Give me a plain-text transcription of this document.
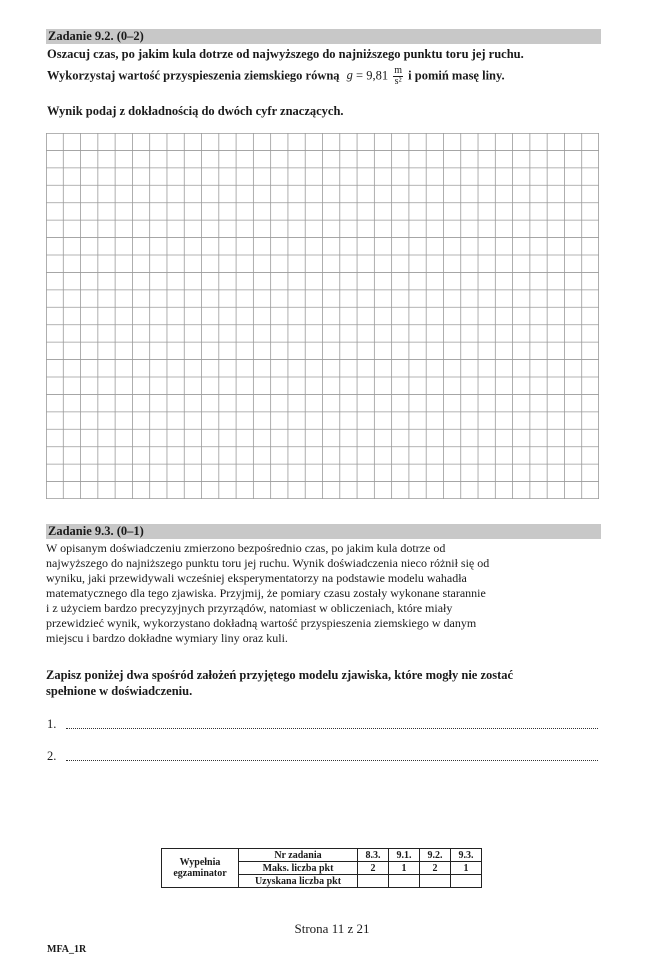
Zadanie 9.2. (0–2)
Oszacuj czas, po jakim kula dotrze od najwyższego do najniższego punktu toru jej ruchu.
Wykorzystaj wartość przyspieszenia ziemskiego równą $g = 9,81 \frac{m}{\text{s²}}$ i pomiń masę liny.
Wynik podaj z dokładnością do dwóch cyfr znaczących.
Zadanie 9.3. (0–1)
W opisanym doświadczeniu zmierzono bezpośrednio czas, po jakim kula dotrze od
najwyższego do najniższego punktu toru jej ruchu. Wynik doświadczenia nieco różnił się od
wyniku, jaki przewidywali wcześniej eksperymentatorzy na podstawie modelu wahadła
matematycznego dla tego zjawiska. Przyjmij, że pomiary czasu zostały wykonane starannie
i z użyciem bardzo precyzyjnych przyrządów, natomiast w obliczeniach, które miały
przewidzieć wynik, wykorzystano dokładną wartość przyspieszenia ziemskiego w danym
miejscu i bardzo dokładne wymiary liny oraz kuli.
Zapisz poniżej dwa spośród założeń przyjętego modelu zjawiska, które mogły nie zostać
spełnione w doświadczeniu.
1.
2.
Wypełnia
egzaminator	Nr zadania	8.3.	9.1.	9.2.	9.3.
	Maks. liczba pkt	2	1	2	1
	Uzyskana liczba pkt				
Strona 11 z 21
MFA_1R
